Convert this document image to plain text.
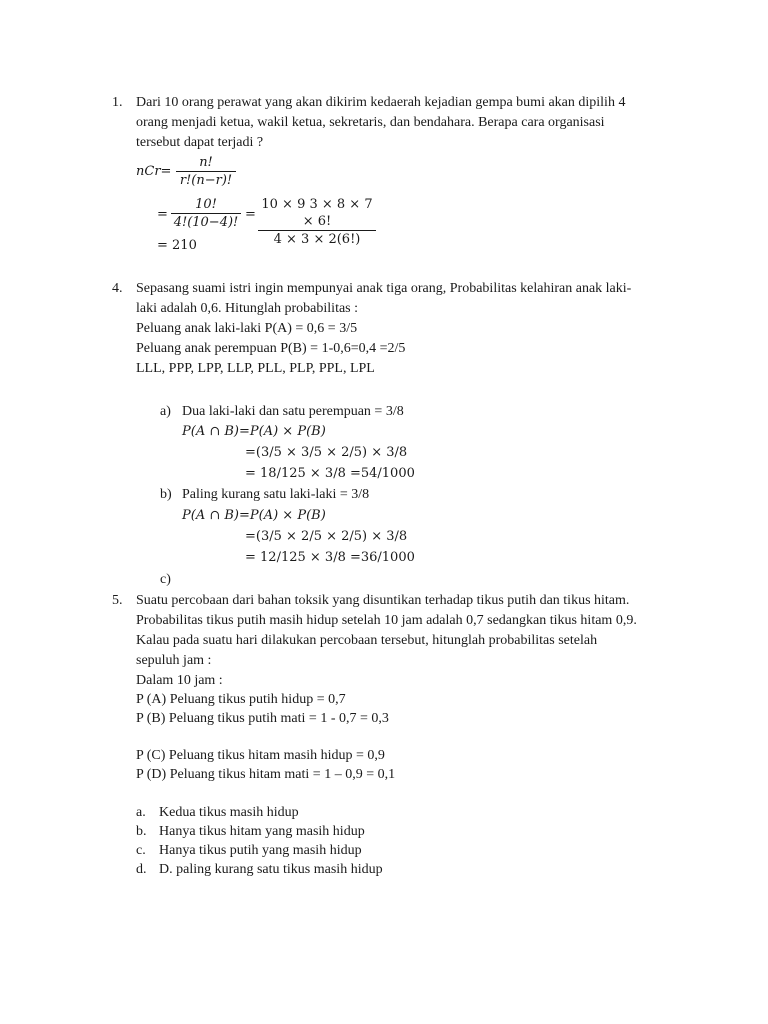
1. Dari 10 orang perawat yang akan dikirim kedaerah kejadian gempa bumi akan dipilih 4
orang menjadi ketua, wakil ketua, sekretaris, dan bendahara. Berapa cara organisasi
tersebut dapat terjadi ?
$nCr= \frac{n!}{r!(n-r)!}$
= $\frac{10!}{4!(10-4)!} = \frac{10 \times 9 3 \times 8 \times 7 \times 6!}{4 \times 3 \times 2(6!)}$
= 210
4. Sepasang suami istri ingin mempunyai anak tiga orang, Probabilitas kelahiran anak laki-
laki adalah 0,6. Hitunglah probabilitas :
Peluang anak laki-laki P(A) = 0,6 = 3/5
Peluang anak perempuan P(B) = 1-0,6=0,4 =2/5
LLL, PPP, LPP, LLP, PLL, PLP, PPL, LPL
a) Dua laki-laki dan satu perempuan = 3/8
P(A ∩ B)=P(A) × P(B)
=(3/5 × 3/5 × 2/5) × 3/8
= 18/125 × 3/8 =54/1000
b) Paling kurang satu laki-laki = 3/8
P(A ∩ B)=P(A) × P(B)
=(3/5 × 2/5 × 2/5) × 3/8
= 12/125 × 3/8 =36/1000
c)
5. Suatu percobaan dari bahan toksik yang disuntikan terhadap tikus putih dan tikus hitam.
Probabilitas tikus putih masih hidup setelah 10 jam adalah 0,7 sedangkan tikus hitam 0,9.
Kalau pada suatu hari dilakukan percobaan tersebut, hitunglah probabilitas setelah
sepuluh jam :
Dalam 10 jam :
P (A) Peluang tikus putih hidup = 0,7
P (B) Peluang tikus putih mati = 1 - 0,7 = 0,3
P (C) Peluang tikus hitam masih hidup = 0,9
P (D) Peluang tikus hitam mati = 1 – 0,9 = 0,1
a. Kedua tikus masih hidup
b. Hanya tikus hitam yang masih hidup
c. Hanya tikus putih yang masih hidup
d. D. paling kurang satu tikus masih hidup
